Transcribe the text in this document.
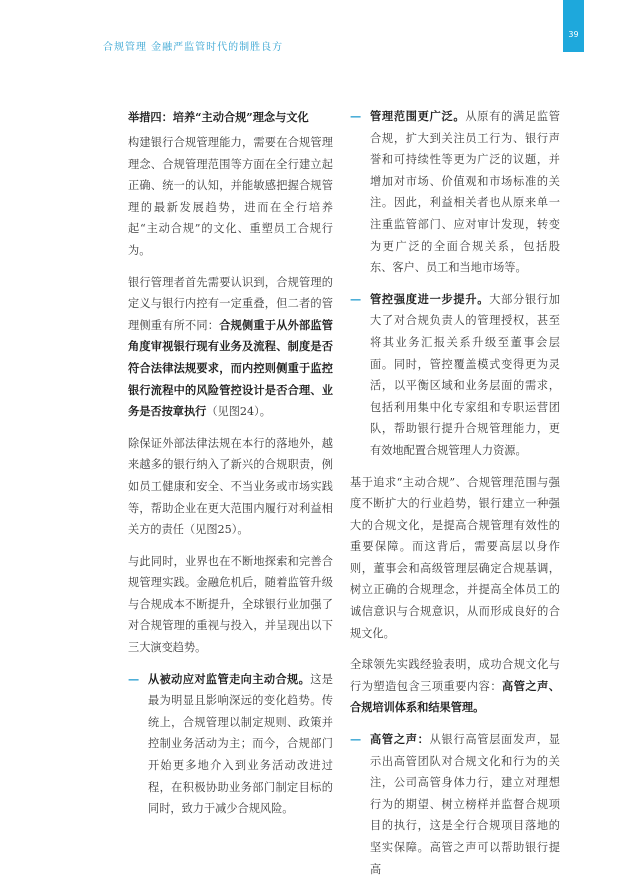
合规管理 金融严监管时代的制胜良方
39
举措四：培养“主动合规”理念与文化

构建银行合规管理能力，需要在合规管理理念、合规管理范围等方面在全行建立起正确、统一的认知，并能敏感把握合规管理的最新发展趋势，进而在全行培养起“主动合规”的文化、重塑员工合规行为。

银行管理者首先需要认识到，合规管理的定义与银行内控有一定重叠，但二者的管理侧重有所不同：合规侧重于从外部监管角度审视银行现有业务及流程、制度是否符合法律法规要求，而内控则侧重于监控银行流程中的风险管控设计是否合理、业务是否按章执行（见图24）。

除保证外部法律法规在本行的落地外，越来越多的银行纳入了新兴的合规职责，例如员工健康和安全、不当业务或市场实践等，帮助企业在更大范围内履行对利益相关方的责任（见图25）。

与此同时，业界也在不断地探索和完善合规管理实践。金融危机后，随着监管升级与合规成本不断提升，全球银行业加强了对合规管理的重视与投入，并呈现出以下三大演变趋势。

— 从被动应对监管走向主动合规。这是最为明显且影响深远的变化趋势。传统上，合规管理以制定规则、政策并控制业务活动为主；而今，合规部门开始更多地介入到业务活动改进过程，在积极协助业务部门制定目标的同时，致力于减少合规风险。
— 管理范围更广泛。从原有的满足监管合规，扩大到关注员工行为、银行声誉和可持续性等更为广泛的议题，并增加对市场、价值观和市场标准的关注。因此，利益相关者也从原来单一注重监管部门、应对审计发现，转变为更广泛的全面合规关系，包括股东、客户、员工和当地市场等。
— 管控强度进一步提升。大部分银行加大了对合规负责人的管理授权，甚至将其业务汇报关系升级至董事会层面。同时，管控覆盖模式变得更为灵活，以平衡区域和业务层面的需求，包括利用集中化专家组和专职运营团队，帮助银行提升合规管理能力，更有效地配置合规管理人力资源。

基于追求“主动合规”、合规管理范围与强度不断扩大的行业趋势，银行建立一种强大的合规文化，是提高合规管理有效性的重要保障。而这背后，需要高层以身作则，董事会和高级管理层确定合规基调，树立正确的合规理念，并提高全体员工的诚信意识与合规意识，从而形成良好的合规文化。

全球领先实践经验表明，成功合规文化与行为塑造包含三项重要内容：高管之声、合规培训体系和结果管理。

— 高管之声：从银行高管层面发声，显示出高管团队对合规文化和行为的关注，公司高管身体力行，建立对理想行为的期望、树立榜样并监督合规项目的执行，这是全行合规项目落地的坚实保障。高管之声可以帮助银行提高
